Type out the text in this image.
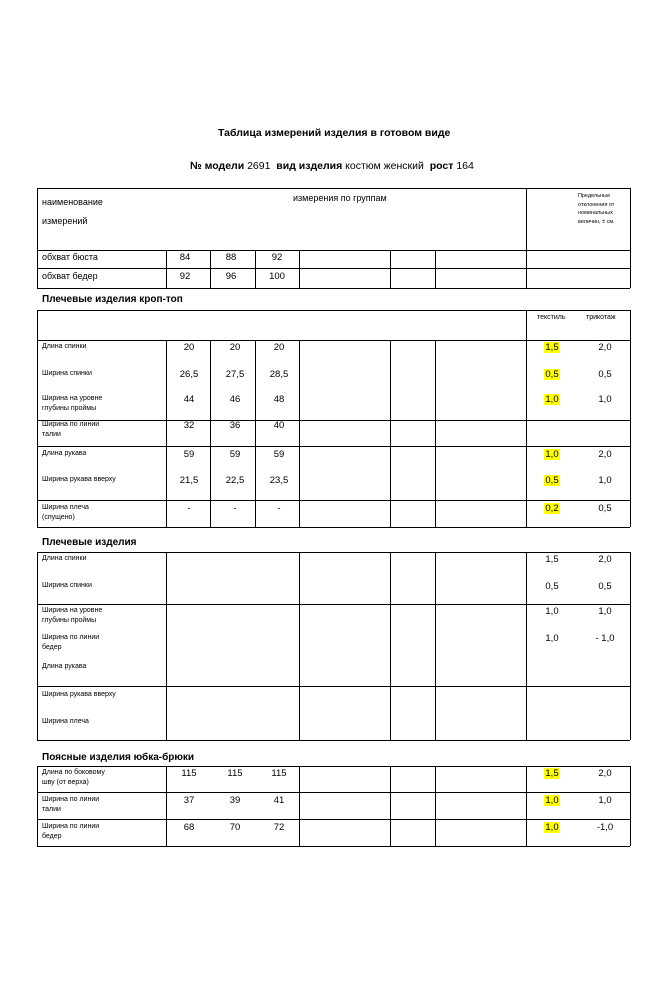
Таблица измерений изделия в готовом виде
№ модели 2691 вид изделия костюм женский рост 164
наименование
измерений
измерения по группам	Предельные
отклонения от
номинальных
величин, ± см.
обхват бюста	84	88	92
обхват бедер	92	96	100
Плечевые изделия крoп-топ
текстиль	трикотаж
Длина спинки	20	20	20	1,5	2,0
Ширина спинки	26,5	27,5	28,5	0,5	0,5
Ширина на уровне
глубины проймы
44	46	48	1,0	1,0
Ширина по линии
талии
32	36	40
Длина рукава	59	59	59	1,0	2,0
Ширина рукава вверху	21,5	22,5	23,5	0,5	1,0
Ширина плеча
(спущено)
-	-	-	0,2	0,5
Плечевые изделия
Длина спинки	1,5	2,0
Ширина спинки	0,5	0,5
Ширина на уровне
глубины проймы
1,0	1,0
Ширина по линии
бедер
1,0	- 1,0
Длина рукава
Ширина рукава вверху
Ширина плеча
Поясные изделия юбка-брюки
Длина по боковому
шву (от верха)
115	115	115	1,5	2,0
Ширина по линии
талии
37	39	41	1,0	1,0
Ширина по линии
бедер
68	70	72	1,0	-1,0
